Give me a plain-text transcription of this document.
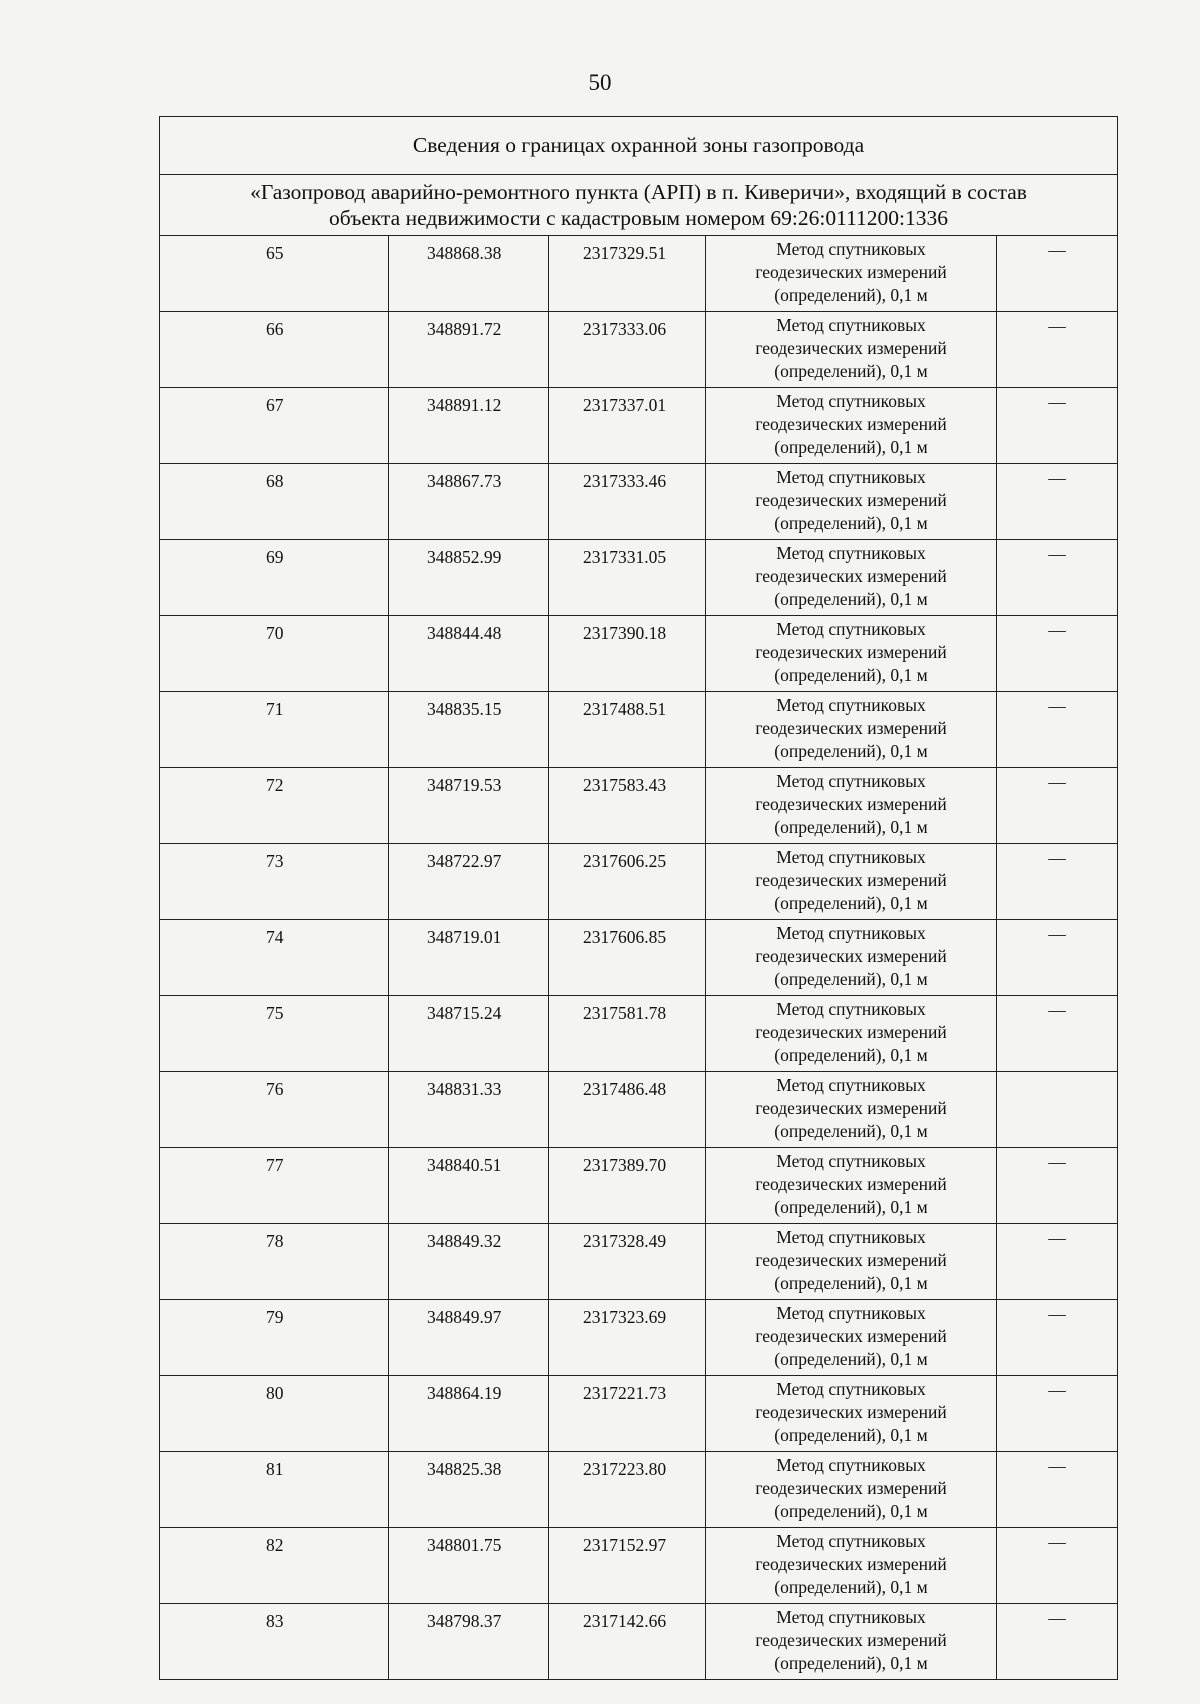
50
Сведения о границах охранной зоны газопровода				

«Газопровод аварийно-ремонтного пункта (АРП) в п. Киверичи», входящий в состав
объекта недвижимости с кадастровым номером 69:26:0111200:1336				

65	348868.38	2317329.51	Метод спутниковых
геодезических измерений
(определений), 0,1 м	—
66	348891.72	2317333.06	Метод спутниковых
геодезических измерений
(определений), 0,1 м	—
67	348891.12	2317337.01	Метод спутниковых
геодезических измерений
(определений), 0,1 м	—
68	348867.73	2317333.46	Метод спутниковых
геодезических измерений
(определений), 0,1 м	—
69	348852.99	2317331.05	Метод спутниковых
геодезических измерений
(определений), 0,1 м	—
70	348844.48	2317390.18	Метод спутниковых
геодезических измерений
(определений), 0,1 м	—
71	348835.15	2317488.51	Метод спутниковых
геодезических измерений
(определений), 0,1 м	—
72	348719.53	2317583.43	Метод спутниковых
геодезических измерений
(определений), 0,1 м	—
73	348722.97	2317606.25	Метод спутниковых
геодезических измерений
(определений), 0,1 м	—
74	348719.01	2317606.85	Метод спутниковых
геодезических измерений
(определений), 0,1 м	—
75	348715.24	2317581.78	Метод спутниковых
геодезических измерений
(определений), 0,1 м	—
76	348831.33	2317486.48	Метод спутниковых
геодезических измерений
(определений), 0,1 м	

77	348840.51	2317389.70	Метод спутниковых
геодезических измерений
(определений), 0,1 м	—
78	348849.32	2317328.49	Метод спутниковых
геодезических измерений
(определений), 0,1 м	—
79	348849.97	2317323.69	Метод спутниковых
геодезических измерений
(определений), 0,1 м	—
80	348864.19	2317221.73	Метод спутниковых
геодезических измерений
(определений), 0,1 м	—
81	348825.38	2317223.80	Метод спутниковых
геодезических измерений
(определений), 0,1 м	—
82	348801.75	2317152.97	Метод спутниковых
геодезических измерений
(определений), 0,1 м	—
83	348798.37	2317142.66	Метод спутниковых
геодезических измерений
(определений), 0,1 м	—
